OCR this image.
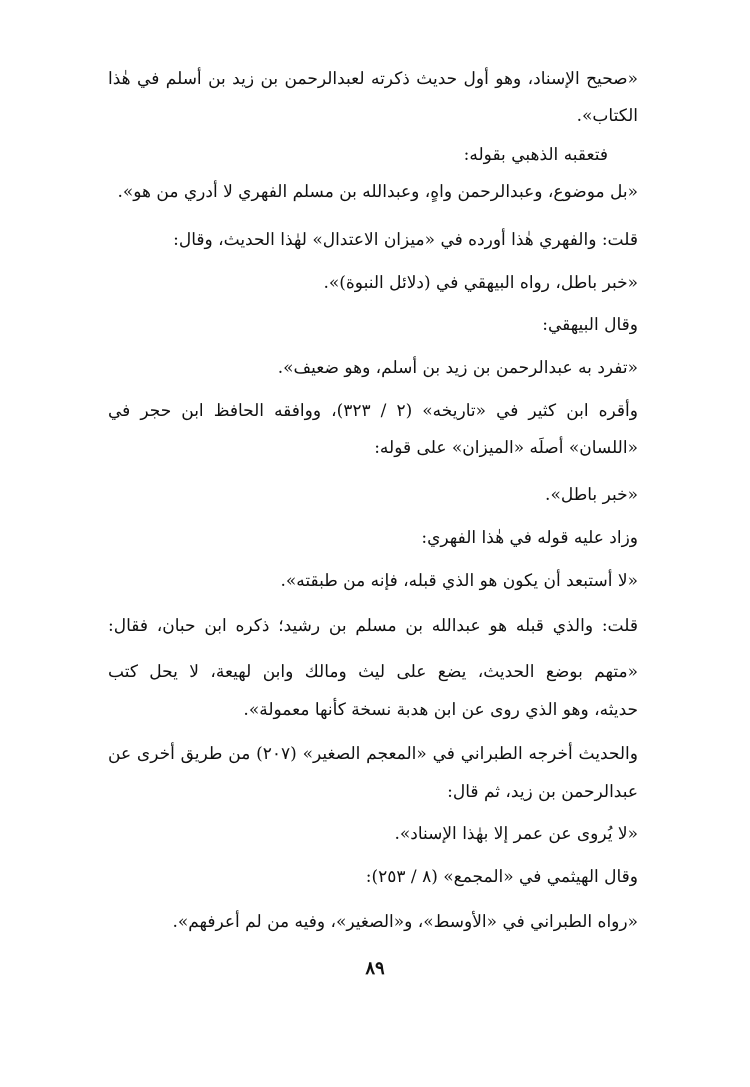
«صحيح الإسناد، وهو أول حديث ذكرته لعبدالرحمن بن زيد بن أسلم في هٰذا
الكتاب».
فتعقبه الذهبي بقوله:
«بل موضوع، وعبدالرحمن واهٍ، وعبدالله بن مسلم الفهري لا أدري من هو».
قلت: والفهري هٰذا أورده في «ميزان الاعتدال» لهٰذا الحديث، وقال:
«خبر باطل، رواه البيهقي في (دلائل النبوة)».
وقال البيهقي:
«تفرد به عبدالرحمن بن زيد بن أسلم، وهو ضعيف».
وأقره ابن كثير في «تاريخه» (٢ / ٣٢٣)، ووافقه الحافظ ابن حجر في
«اللسان» أصلَه «الميزان» على قوله:
«خبر باطل».
وزاد عليه قوله في هٰذا الفهري:
«لا أستبعد أن يكون هو الذي قبله، فإنه من طبقته».
قلت: والذي قبله هو عبدالله بن مسلم بن رشيد؛ ذكره ابن حبان، فقال:
«متهم بوضع الحديث، يضع على ليث ومالك وابن لهيعة، لا يحل كتب
حديثه، وهو الذي روى عن ابن هدبة نسخة كأنها معمولة».
والحديث أخرجه الطبراني في «المعجم الصغير» (٢٠٧) من طريق أخرى عن
عبدالرحمن بن زيد، ثم قال:
«لا يُروى عن عمر إلا بهٰذا الإسناد».
وقال الهيثمي في «المجمع» (٨ / ٢٥٣):
«رواه الطبراني في «الأوسط»، و«الصغير»، وفيه من لم أعرفهم».
٨٩
